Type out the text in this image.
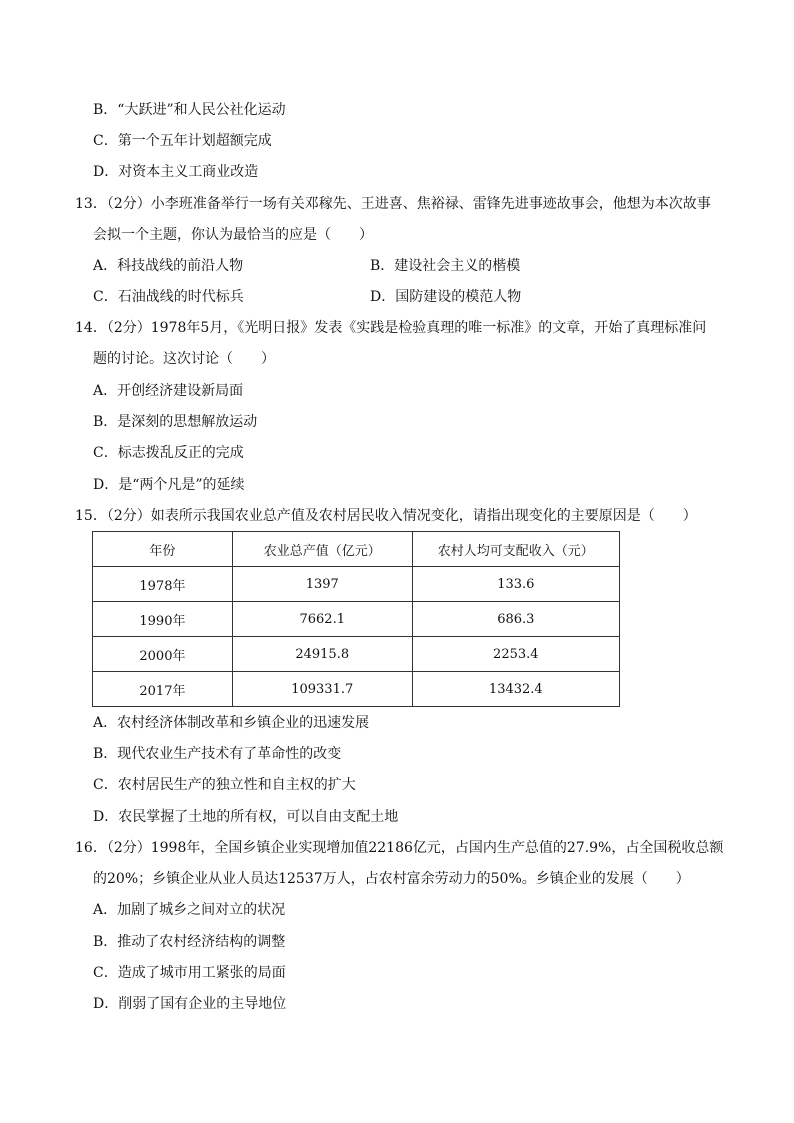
B．“大跃进”和人民公社化运动
C．第一个五年计划超额完成
D．对资本主义工商业改造
13．（2分）小李班准备举行一场有关邓稼先、王进喜、焦裕禄、雷锋先进事迹故事会，他想为本次故事
会拟一个主题，你认为最恰当的应是（　　）
A．科技战线的前沿人物	B．建设社会主义的楷模
C．石油战线的时代标兵	D．国防建设的模范人物
14．（2分）1978年5月，《光明日报》发表《实践是检验真理的唯一标准》的文章，开始了真理标准问
题的讨论。这次讨论（　　）
A．开创经济建设新局面
B．是深刻的思想解放运动
C．标志拨乱反正的完成
D．是“两个凡是”的延续
15．（2分）如表所示我国农业总产值及农村居民收入情况变化，请指出现变化的主要原因是（　　）
年份	农业总产值（亿元）	农村人均可支配收入（元）
1978年	1397	133.6
1990年	7662.1	686.3
2000年	24915.8	2253.4
2017年	109331.7	13432.4
A．农村经济体制改革和乡镇企业的迅速发展
B．现代农业生产技术有了革命性的改变
C．农村居民生产的独立性和自主权的扩大
D．农民掌握了土地的所有权，可以自由支配土地
16．（2分）1998年，全国乡镇企业实现增加值22186亿元，占国内生产总值的27.9%，占全国税收总额
的20%；乡镇企业从业人员达12537万人，占农村富余劳动力的50%。乡镇企业的发展（　　）
A．加剧了城乡之间对立的状况
B．推动了农村经济结构的调整
C．造成了城市用工紧张的局面
D．削弱了国有企业的主导地位
